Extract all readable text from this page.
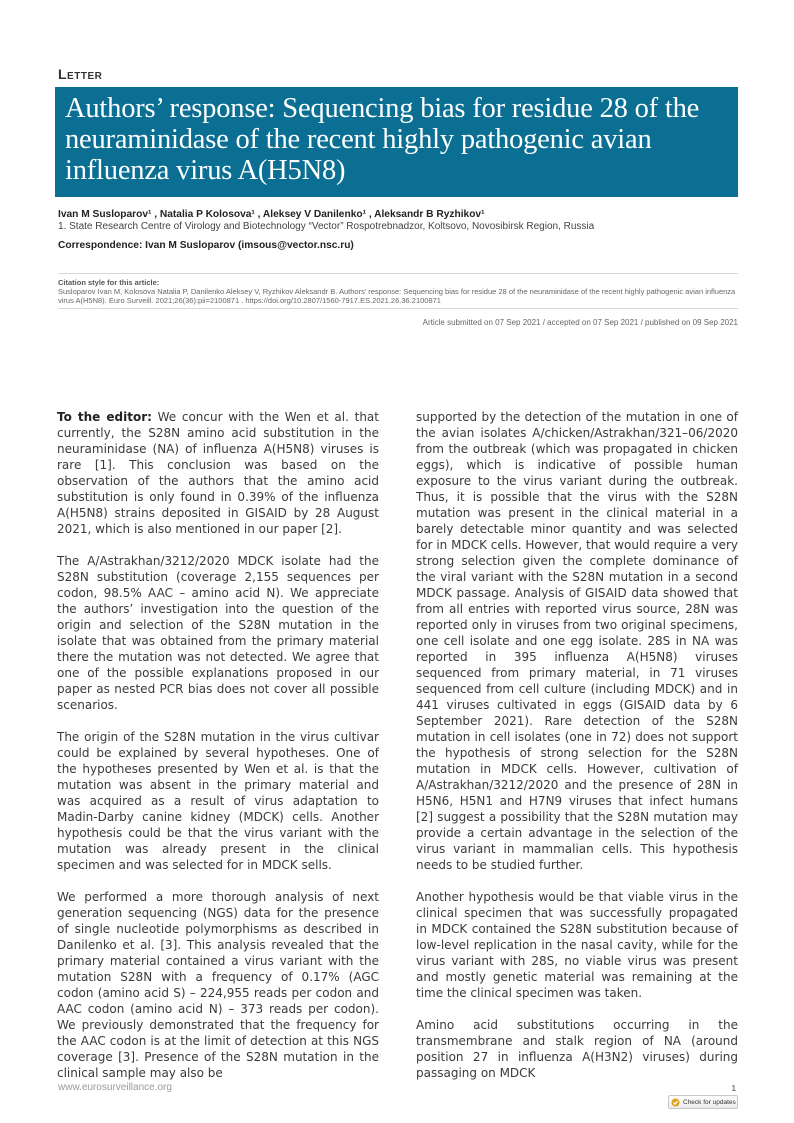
Letter
Authors’ response: Sequencing bias for residue 28 of the neuraminidase of the recent highly pathogenic avian influenza virus A(H5N8)
Ivan M Susloparov¹ , Natalia P Kolosova¹ , Aleksey V Danilenko¹ , Aleksandr B Ryzhikov¹
1. State Research Centre of Virology and Biotechnology “Vector” Rospotrebnadzor, Koltsovo, Novosibirsk Region, Russia
Correspondence: Ivan M Susloparov (imsous@vector.nsc.ru)
Citation style for this article:
Susloparov Ivan M, Kolosova Natalia P, Danilenko Aleksey V, Ryzhikov Aleksandr B. Authors’ response: Sequencing bias for residue 28 of the neuraminidase of the recent highly pathogenic avian influenza virus A(H5N8). Euro Surveill. 2021;26(36):pii=2100871 . https://doi.org/10.2807/1560-7917.ES.2021.26.36.2100871
Article submitted on 07 Sep 2021 / accepted on 07 Sep 2021 / published on 09 Sep 2021

To the editor: We concur with the Wen et al. that currently, the S28N amino acid substitution in the neuraminidase (NA) of influenza A(H5N8) viruses is rare [1]. This conclusion was based on the observation of the authors that the amino acid substitution is only found in 0.39% of the influenza A(H5N8) strains deposited in GISAID by 28 August 2021, which is also mentioned in our paper [2].

The A/Astrakhan/3212/2020 MDCK isolate had the S28N substitution (coverage 2,155 sequences per codon, 98.5% AAC – amino acid N). We appreciate the authors’ investigation into the question of the origin and selection of the S28N mutation in the isolate that was obtained from the primary material there the mutation was not detected. We agree that one of the possible explanations proposed in our paper as nested PCR bias does not cover all possible scenarios.

The origin of the S28N mutation in the virus cultivar could be explained by several hypotheses. One of the hypotheses presented by Wen et al. is that the mutation was absent in the primary material and was acquired as a result of virus adaptation to Madin-Darby canine kidney (MDCK) cells. Another hypothesis could be that the virus variant with the mutation was already present in the clinical specimen and was selected for in MDCK sells.

We performed a more thorough analysis of next generation sequencing (NGS) data for the presence of single nucleotide polymorphisms as described in Danilenko et al. [3]. This analysis revealed that the primary material contained a virus variant with the mutation S28N with a frequency of 0.17% (AGC codon (amino acid S) – 224,955 reads per codon and AAC codon (amino acid N) – 373 reads per codon). We previously demonstrated that the frequency for the AAC codon is at the limit of detection at this NGS coverage [3]. Presence of the S28N mutation in the clinical sample may also be

supported by the detection of the mutation in one of the avian isolates A/chicken/Astrakhan/321–06/2020 from the outbreak (which was propagated in chicken eggs), which is indicative of possible human exposure to the virus variant during the outbreak. Thus, it is possible that the virus with the S28N mutation was present in the clinical material in a barely detectable minor quantity and was selected for in MDCK cells. However, that would require a very strong selection given the complete dominance of the viral variant with the S28N mutation in a second MDCK passage. Analysis of GISAID data showed that from all entries with reported virus source, 28N was reported only in viruses from two original specimens, one cell isolate and one egg isolate. 28S in NA was reported in 395 influenza A(H5N8) viruses sequenced from primary material, in 71 viruses sequenced from cell culture (including MDCK) and in 441 viruses cultivated in eggs (GISAID data by 6 September 2021). Rare detection of the S28N mutation in cell isolates (one in 72) does not support the hypothesis of strong selection for the S28N mutation in MDCK cells. However, cultivation of A/Astrakhan/3212/2020 and the presence of 28N in H5N6, H5N1 and H7N9 viruses that infect humans [2] suggest a possibility that the S28N mutation may provide a certain advantage in the selection of the virus variant in mammalian cells. This hypothesis needs to be studied further.

Another hypothesis would be that viable virus in the clinical specimen that was successfully propagated in MDCK contained the S28N substitution because of low-level replication in the nasal cavity, while for the virus variant with 28S, no viable virus was present and mostly genetic material was remaining at the time the clinical specimen was taken.

Amino acid substitutions occurring in the transmembrane and stalk region of NA (around position 27 in influenza A(H3N2) viruses) during passaging on MDCK

www.eurosurveillance.org	1
Check for updates
